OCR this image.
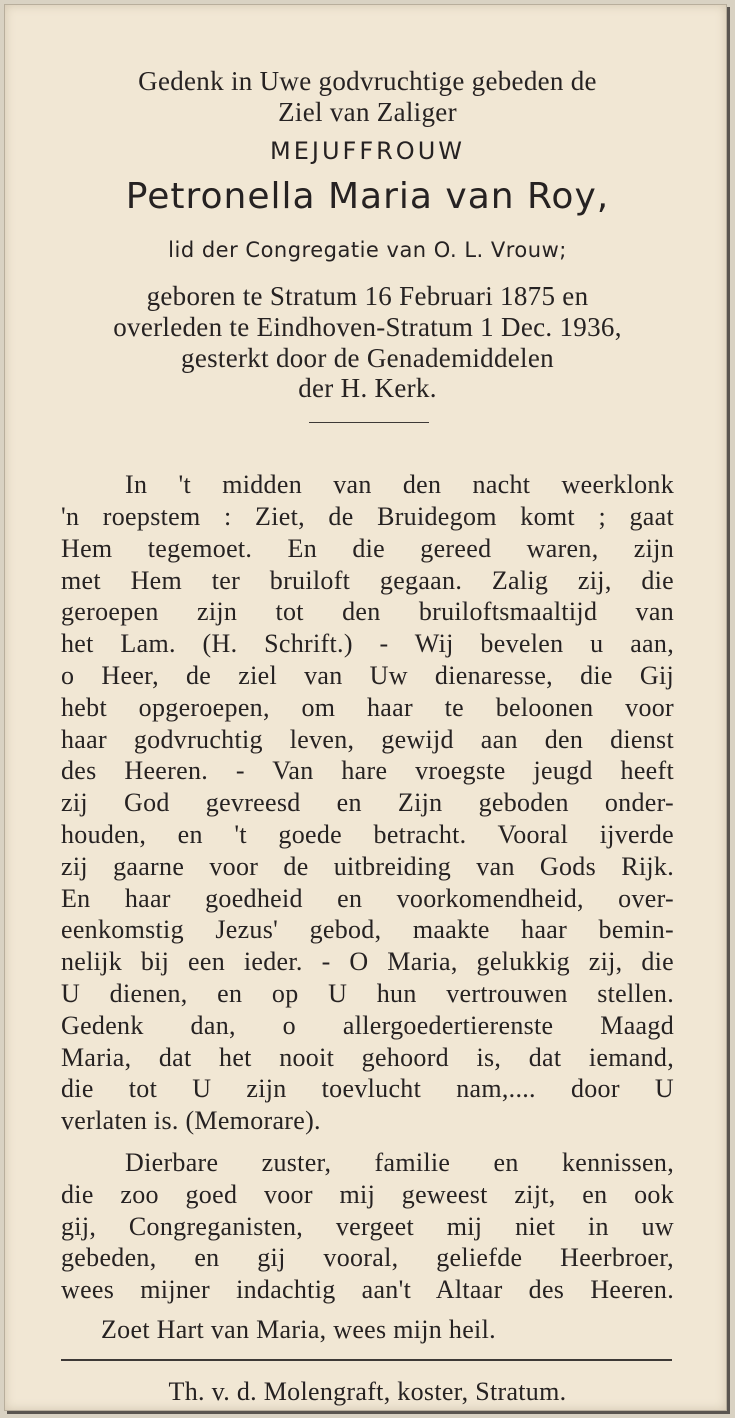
Gedenk in Uwe godvruchtige gebeden de
Ziel van Zaliger
MEJUFFROUW
Petronella Maria van Roy,
lid der Congregatie van O. L. Vrouw;
geboren te Stratum 16 Februari 1875 en
overleden te Eindhoven-Stratum 1 Dec. 1936,
gesterkt door de Genademiddelen
der H. Kerk.
In 't midden van den nacht weerklonk
'n roepstem : Ziet, de Bruidegom komt ; gaat
Hem tegemoet. En die gereed waren, zijn
met Hem ter bruiloft gegaan. Zalig zij, die
geroepen zijn tot den bruiloftsmaaltijd van
het Lam. (H. Schrift.) - Wij bevelen u aan,
o Heer, de ziel van Uw dienaresse, die Gij
hebt opgeroepen, om haar te beloonen voor
haar godvruchtig leven, gewijd aan den dienst
des Heeren. - Van hare vroegste jeugd heeft
zij God gevreesd en Zijn geboden onder-
houden, en 't goede betracht. Vooral ijverde
zij gaarne voor de uitbreiding van Gods Rijk.
En haar goedheid en voorkomendheid, over-
eenkomstig Jezus' gebod, maakte haar bemin-
nelijk bij een ieder. - O Maria, gelukkig zij, die
U dienen, en op U hun vertrouwen stellen.
Gedenk dan, o allergoedertierenste Maagd
Maria, dat het nooit gehoord is, dat iemand,
die tot U zijn toevlucht nam,.... door U
verlaten is. (Memorare).
Dierbare zuster, familie en kennissen,
die zoo goed voor mij geweest zijt, en ook
gij, Congreganisten, vergeet mij niet in uw
gebeden, en gij vooral, geliefde Heerbroer,
wees mijner indachtig aan't Altaar des Heeren.
Zoet Hart van Maria, wees mijn heil.
Th. v. d. Molengraft, koster, Stratum.
